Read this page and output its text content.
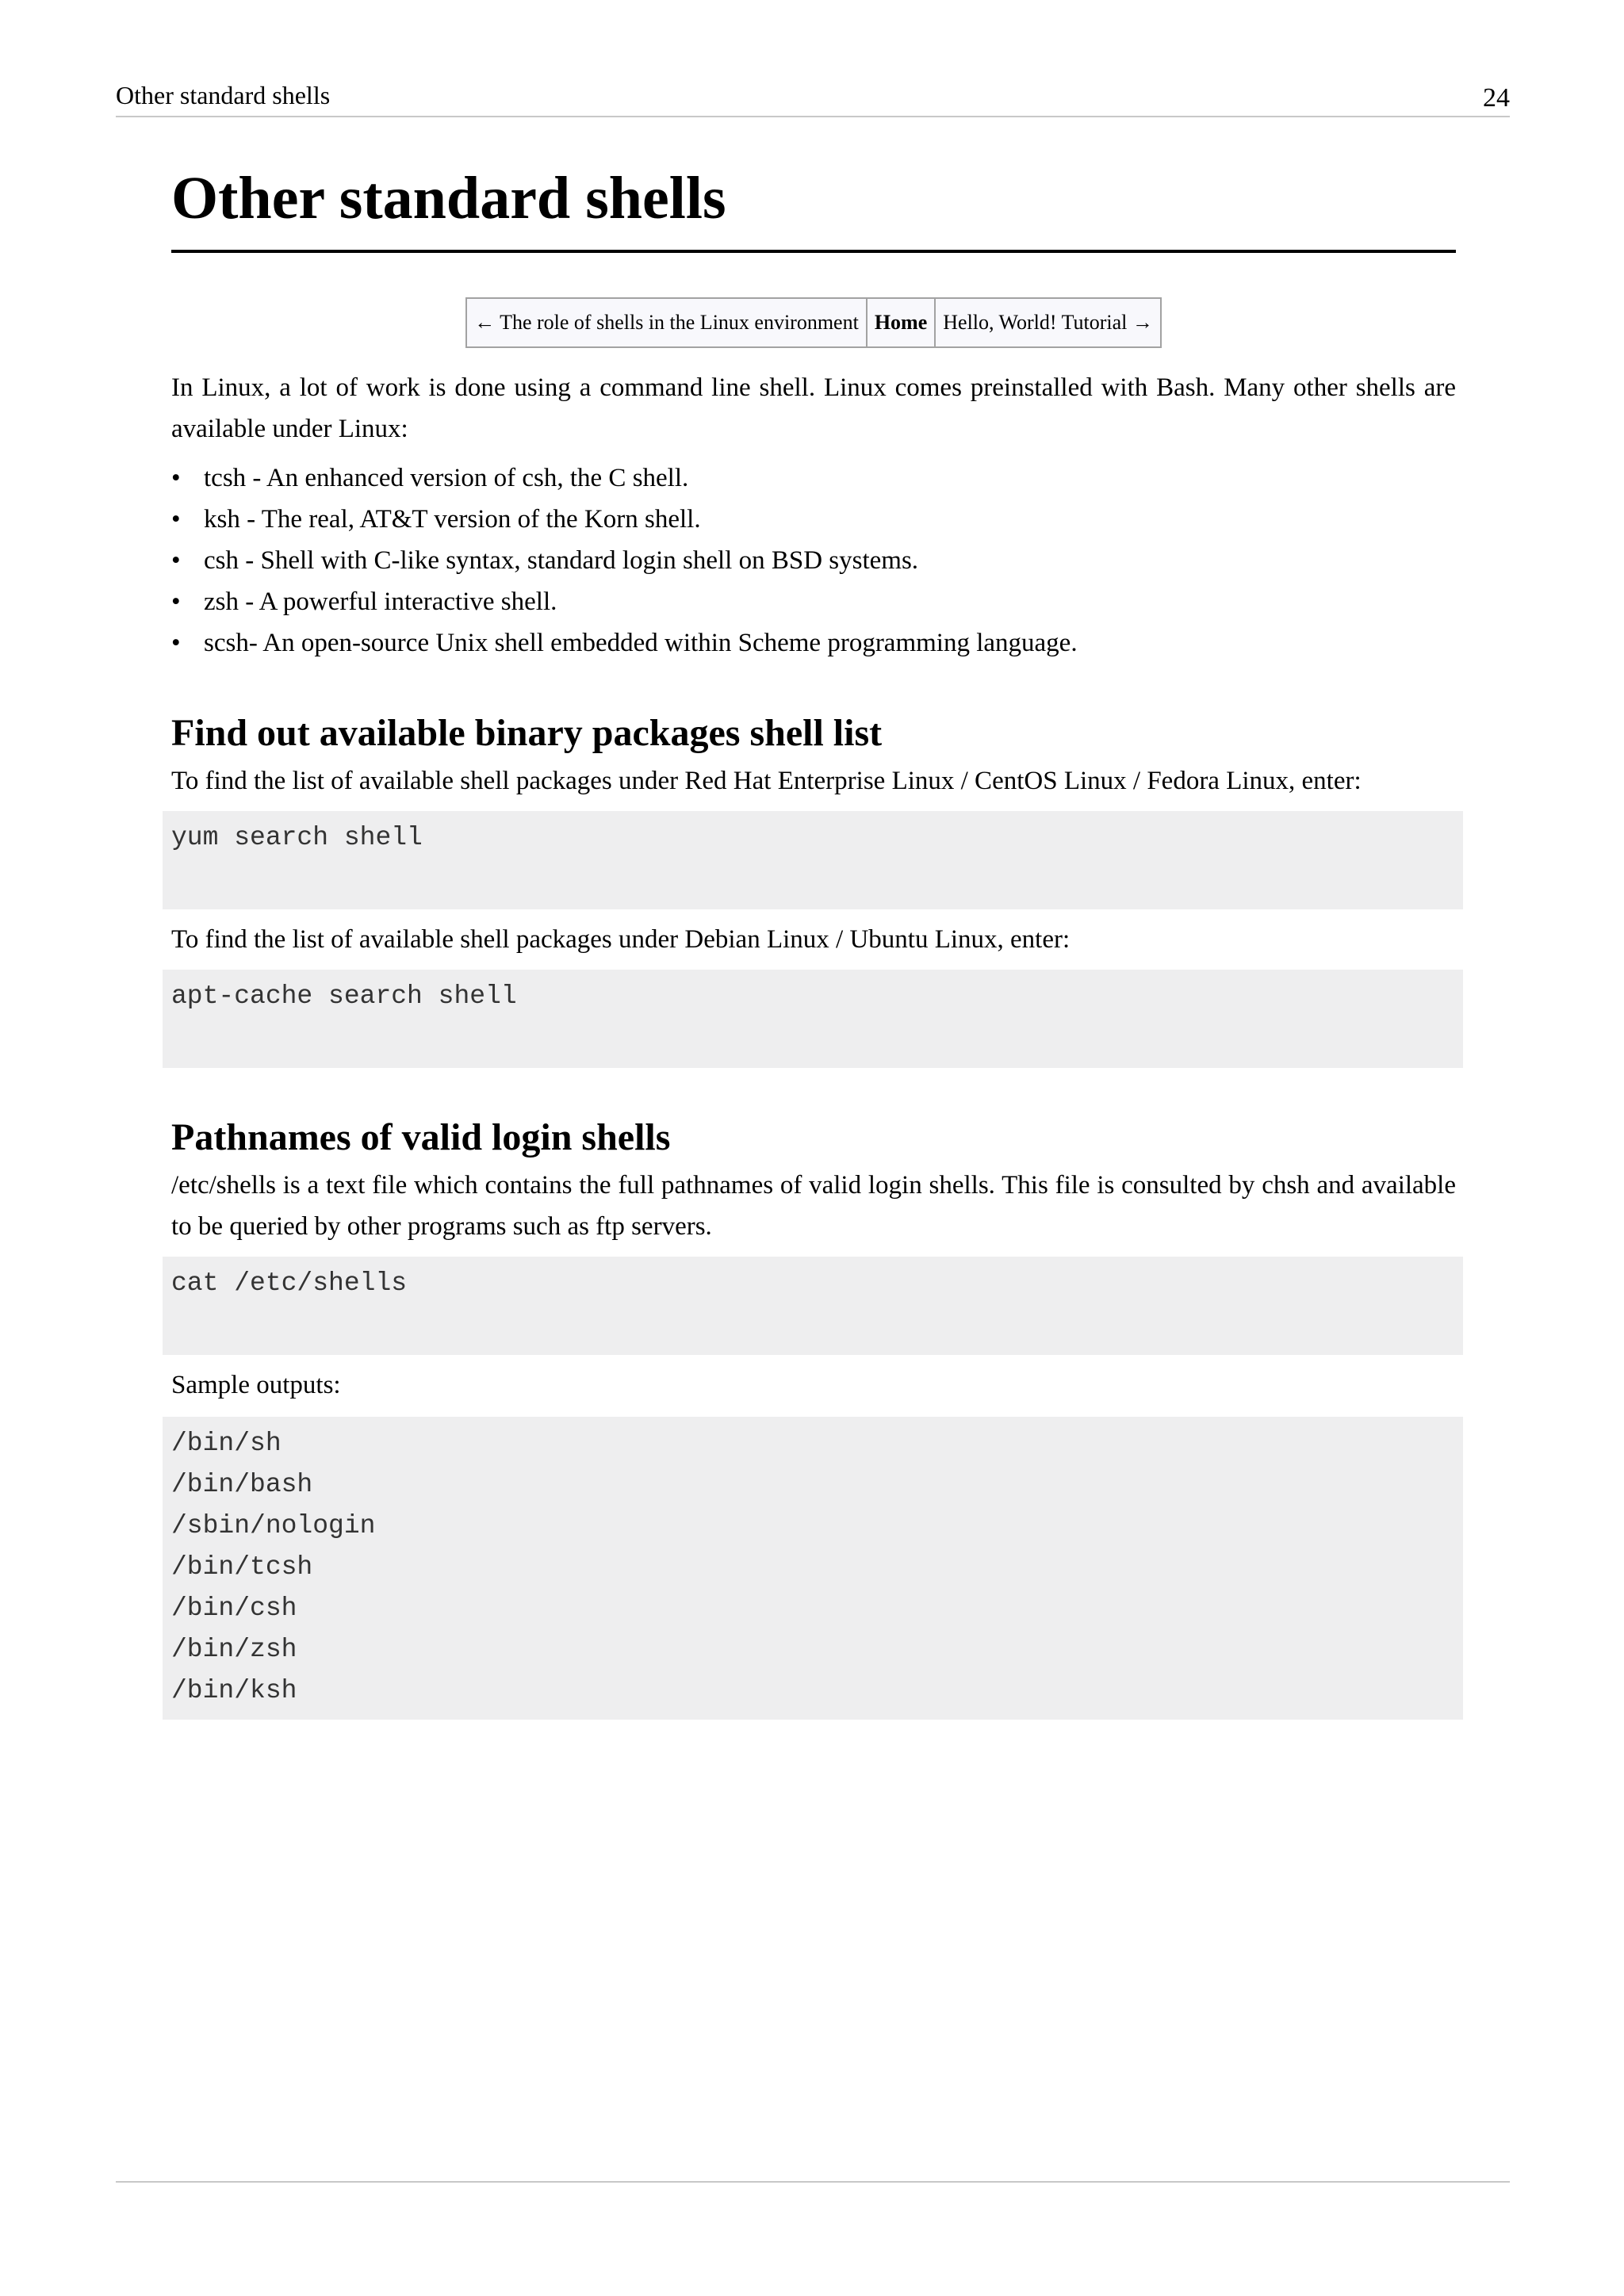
Other standard shells	24
Other standard shells
← The role of shells in the Linux environment	Home	Hello, World! Tutorial →

In Linux, a lot of work is done using a command line shell. Linux comes preinstalled with Bash. Many other shells are available under Linux:

• tcsh - An enhanced version of csh, the C shell.
• ksh - The real, AT&T version of the Korn shell.
• csh - Shell with C-like syntax, standard login shell on BSD systems.
• zsh - A powerful interactive shell.
• scsh- An open-source Unix shell embedded within Scheme programming language.
Find out available binary packages shell list

To find the list of available shell packages under Red Hat Enterprise Linux / CentOS Linux / Fedora Linux, enter:

yum search shell

To find the list of available shell packages under Debian Linux / Ubuntu Linux, enter:

apt-cache search shell
Pathnames of valid login shells

/etc/shells is a text file which contains the full pathnames of valid login shells. This file is consulted by chsh and available to be queried by other programs such as ftp servers.

cat /etc/shells

Sample outputs:

/bin/sh
/bin/bash
/sbin/nologin
/bin/tcsh
/bin/csh
/bin/zsh
/bin/ksh
